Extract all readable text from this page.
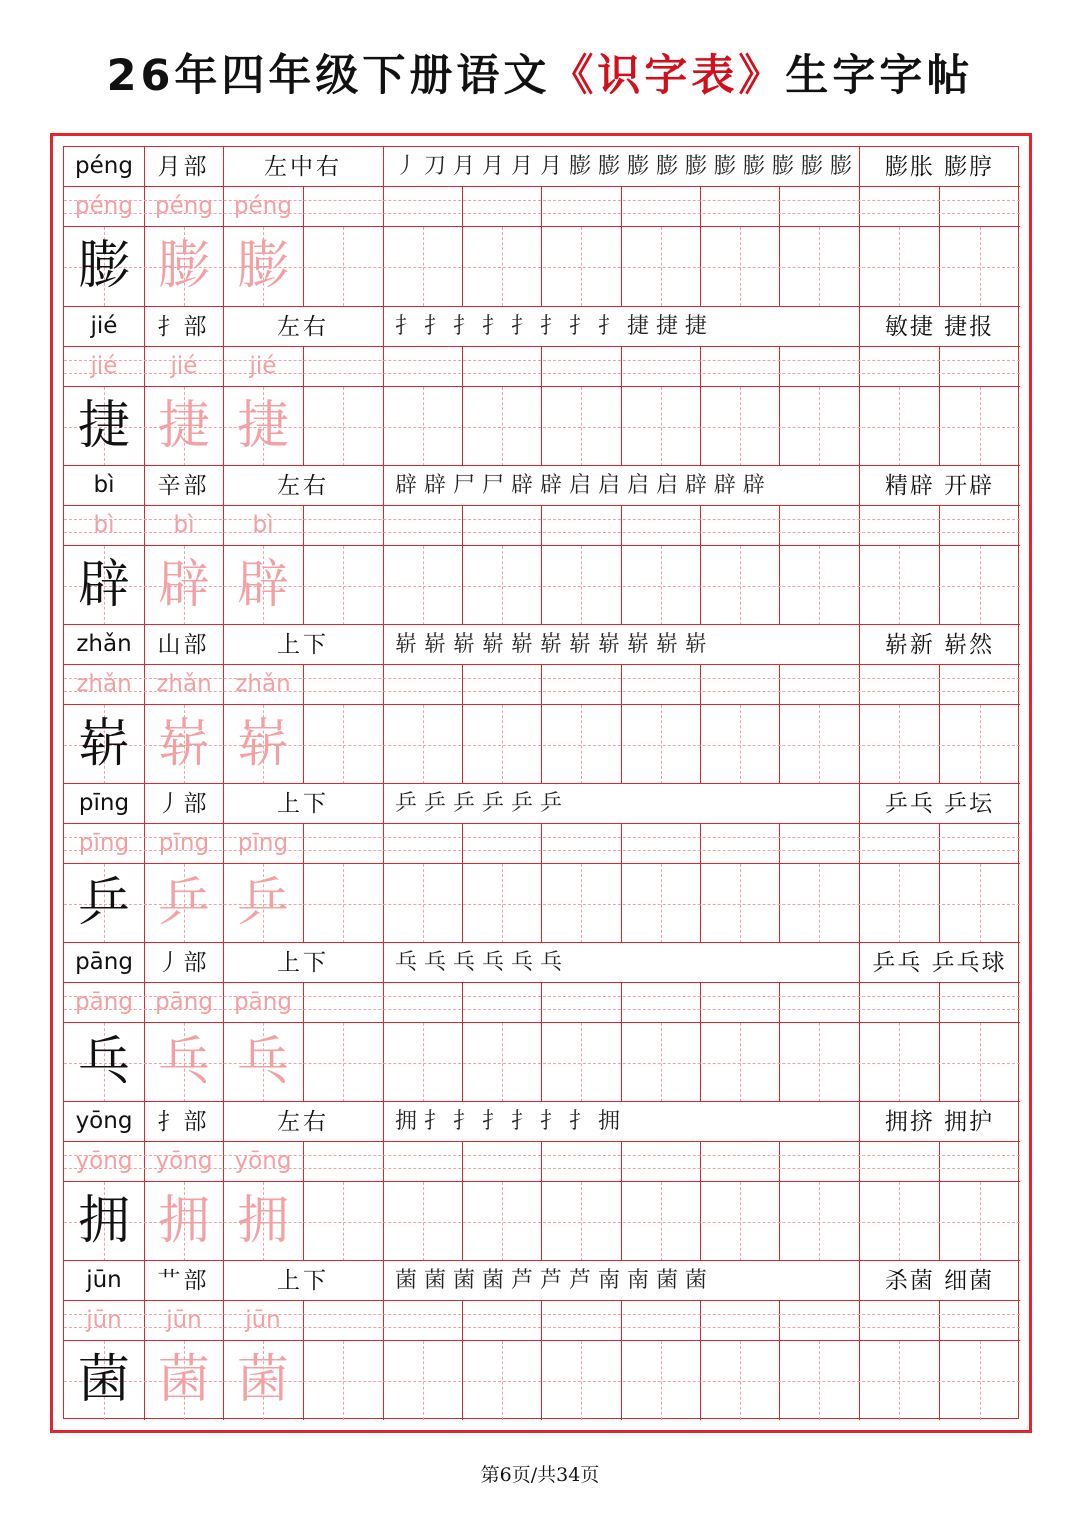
26年四年级下册语文《识字表》生字字帖
péng	月部	左中右	丿 刀 月 月 月 月 膨 膨 膨 膨 膨 膨 膨 膨 膨 膨	膨胀 膨脝
péng péng péng
膨 膨 膨
jié	扌部	左右	扌 扌 扌 扌 扌 扌 扌 扌 捷 捷 捷	敏捷 捷报
jié	jié	jié
捷 捷 捷
bì	辛部	左右	辟 辟 尸 尸 辟 辟 启 启 启 启 辟 辟 辟	精辟 开辟
bì	bì	bì
辟 辟 辟
zhǎn	山部	上下	崭 崭 崭 崭 崭 崭 崭 崭 崭 崭 崭	崭新 崭然
zhǎn	zhǎn	zhǎn
崭 崭 崭
pīng	丿部	上下	乒 乒 乒 乒 乒 乒	乒乓 乒坛
pīng	pīng	pīng
乒 乒 乒
pāng	丿部	上下	乓 乓 乓 乓 乓 乓	乒乓 乒乓球
pāng pāng pāng
乓 乓 乓
yōng	扌部	左右	拥 扌 扌 扌 扌 扌 扌 拥	拥挤 拥护
yōng	yōng yōng
拥 拥 拥
jūn	艹部	上下	菌 菌 菌 菌 芦 芦 芦 南 南 菌 菌	杀菌 细菌
jūn	jūn	jūn
菌 菌 菌
第6页/共34页
